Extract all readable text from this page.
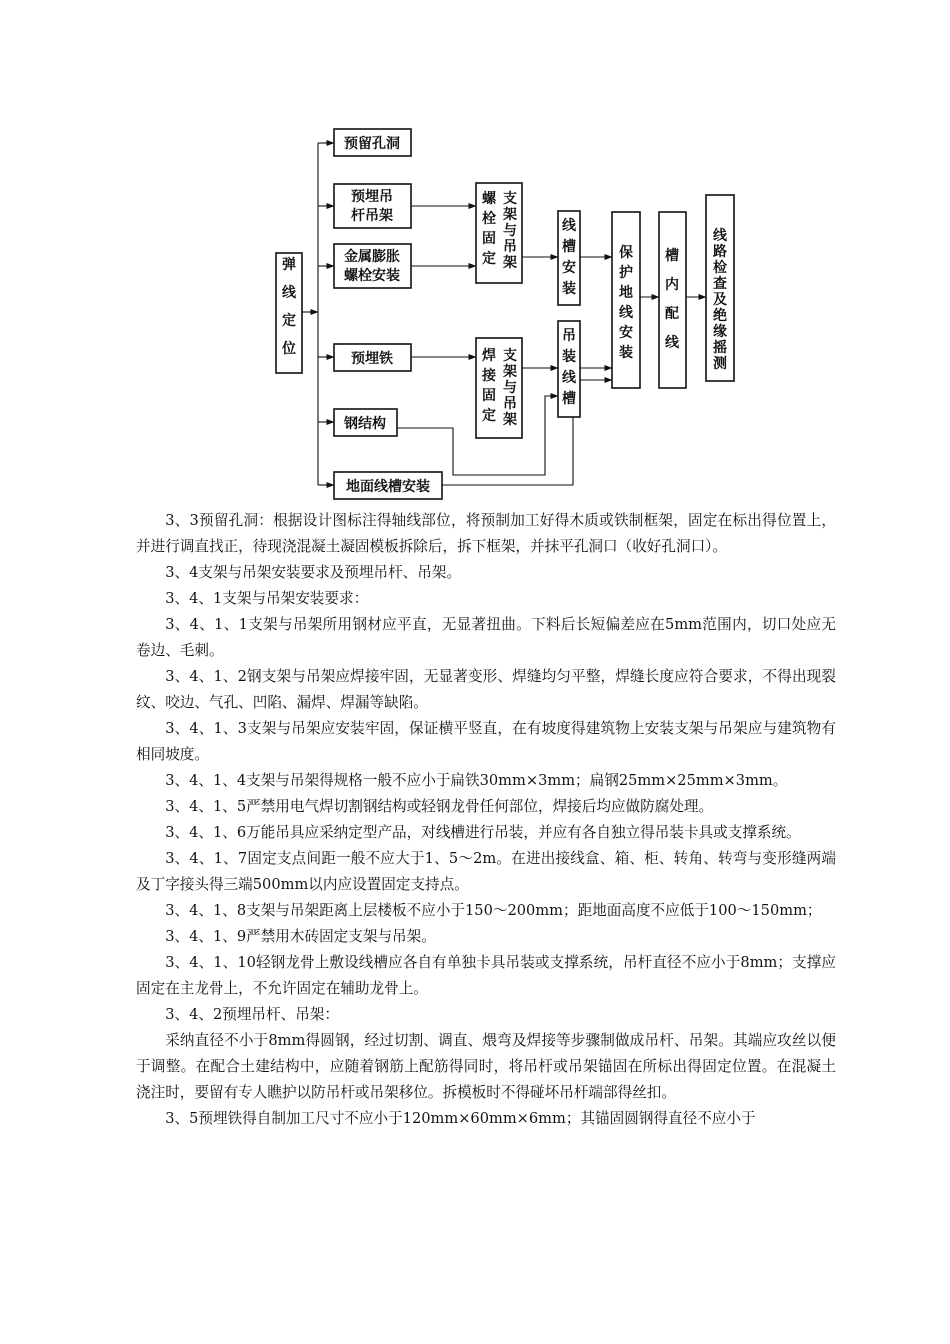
弹线定位
预留孔洞
预埋吊
杆吊架
金属膨胀
螺栓安装
预埋铁
钢结构
地面线槽安装
螺栓固定
支架与吊架
焊接固定
支架与吊架
线槽安装
吊装线槽
保护地线安装
槽内配线
线路检查及绝缘摇测

3、3预留孔洞：根据设计图标注得轴线部位，将预制加工好得木质或铁制框架，固定在标出得位置上，并进行调直找正，待现浇混凝土凝固模板拆除后，拆下框架，并抹平孔洞口（收好孔洞口）。

3、4支架与吊架安装要求及预埋吊杆、吊架。

3、4、1支架与吊架安装要求：

3、4、1、1支架与吊架所用钢材应平直，无显著扭曲。下料后长短偏差应在5mm范围内，切口处应无卷边、毛刺。

3、4、1、2钢支架与吊架应焊接牢固，无显著变形、焊缝均匀平整，焊缝长度应符合要求，不得出现裂纹、咬边、气孔、凹陷、漏焊、焊漏等缺陷。

3、4、1、3支架与吊架应安装牢固，保证横平竖直，在有坡度得建筑物上安装支架与吊架应与建筑物有相同坡度。

3、4、1、4支架与吊架得规格一般不应小于扁铁30mm×3mm；扁钢25mm×25mm×3mm。

3、4、1、5严禁用电气焊切割钢结构或轻钢龙骨任何部位，焊接后均应做防腐处理。

3、4、1、6万能吊具应采纳定型产品，对线槽进行吊装，并应有各自独立得吊装卡具或支撑系统。

3、4、1、7固定支点间距一般不应大于1、5～2m。在进出接线盒、箱、柜、转角、转弯与变形缝两端及丁字接头得三端500mm以内应设置固定支持点。

3、4、1、8支架与吊架距离上层楼板不应小于150～200mm；距地面高度不应低于100～150mm；

3、4、1、9严禁用木砖固定支架与吊架。

3、4、1、10轻钢龙骨上敷设线槽应各自有单独卡具吊装或支撑系统，吊杆直径不应小于8mm；支撑应固定在主龙骨上，不允许固定在辅助龙骨上。

3、4、2预埋吊杆、吊架：

采纳直径不小于8mm得圆钢，经过切割、调直、煨弯及焊接等步骤制做成吊杆、吊架。其端应攻丝以便于调整。在配合土建结构中，应随着钢筋上配筋得同时，将吊杆或吊架锚固在所标出得固定位置。在混凝土浇注时，要留有专人瞧护以防吊杆或吊架移位。拆模板时不得碰坏吊杆端部得丝扣。

3、5预埋铁得自制加工尺寸不应小于120mm×60mm×6mm；其锚固圆钢得直径不应小于
